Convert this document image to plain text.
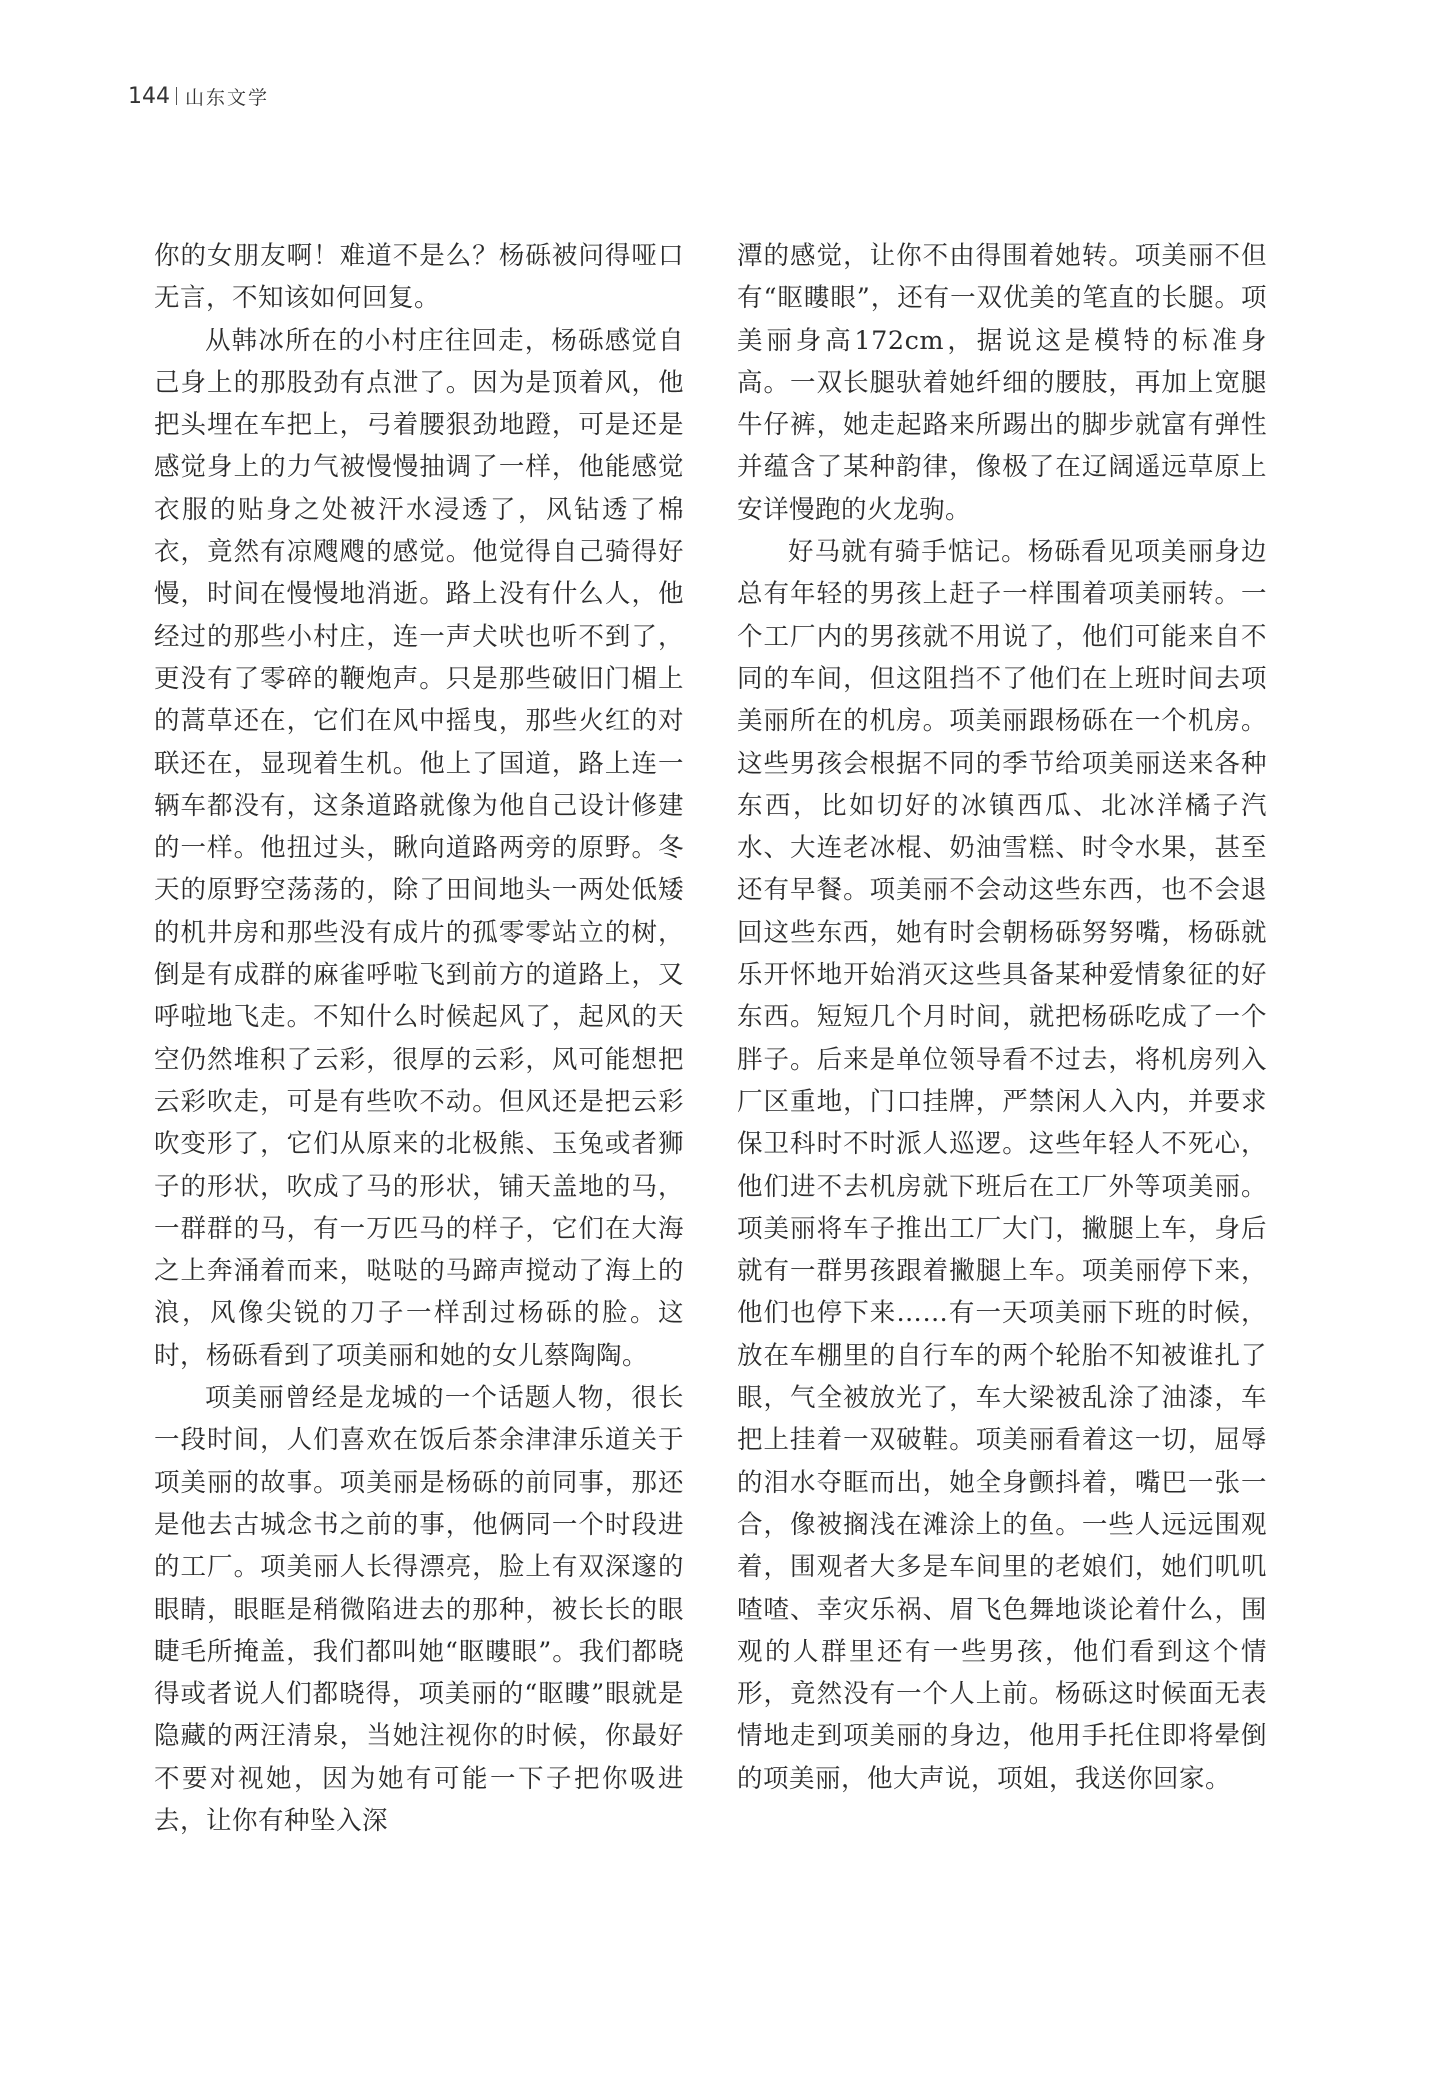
144 山东文学

你的女朋友啊！难道不是么？杨砾被问得哑口无言，不知该如何回复。

从韩冰所在的小村庄往回走，杨砾感觉自己身上的那股劲有点泄了。因为是顶着风，他把头埋在车把上，弓着腰狠劲地蹬，可是还是感觉身上的力气被慢慢抽调了一样，他能感觉衣服的贴身之处被汗水浸透了，风钻透了棉衣，竟然有凉飕飕的感觉。他觉得自己骑得好慢，时间在慢慢地消逝。路上没有什么人，他经过的那些小村庄，连一声犬吠也听不到了，更没有了零碎的鞭炮声。只是那些破旧门楣上的蒿草还在，它们在风中摇曳，那些火红的对联还在，显现着生机。他上了国道，路上连一辆车都没有，这条道路就像为他自己设计修建的一样。他扭过头，瞅向道路两旁的原野。冬天的原野空荡荡的，除了田间地头一两处低矮的机井房和那些没有成片的孤零零站立的树，倒是有成群的麻雀呼啦飞到前方的道路上，又呼啦地飞走。不知什么时候起风了，起风的天空仍然堆积了云彩，很厚的云彩，风可能想把云彩吹走，可是有些吹不动。但风还是把云彩吹变形了，它们从原来的北极熊、玉兔或者狮子的形状，吹成了马的形状，铺天盖地的马，一群群的马，有一万匹马的样子，它们在大海之上奔涌着而来，哒哒的马蹄声搅动了海上的浪，风像尖锐的刀子一样刮过杨砾的脸。这时，杨砾看到了项美丽和她的女儿蔡陶陶。

项美丽曾经是龙城的一个话题人物，很长一段时间，人们喜欢在饭后茶余津津乐道关于项美丽的故事。项美丽是杨砾的前同事，那还是他去古城念书之前的事，他俩同一个时段进的工厂。项美丽人长得漂亮，脸上有双深邃的眼睛，眼眶是稍微陷进去的那种，被长长的眼睫毛所掩盖，我们都叫她“眍瞜眼”。我们都晓得或者说人们都晓得，项美丽的“眍瞜”眼就是隐藏的两汪清泉，当她注视你的时候，你最好不要对视她，因为她有可能一下子把你吸进去，让你有种坠入深

潭的感觉，让你不由得围着她转。项美丽不但有“眍瞜眼”，还有一双优美的笔直的长腿。项美丽身高172cm，据说这是模特的标准身高。一双长腿驮着她纤细的腰肢，再加上宽腿牛仔裤，她走起路来所踢出的脚步就富有弹性并蕴含了某种韵律，像极了在辽阔遥远草原上安详慢跑的火龙驹。

好马就有骑手惦记。杨砾看见项美丽身边总有年轻的男孩上赶子一样围着项美丽转。一个工厂内的男孩就不用说了，他们可能来自不同的车间，但这阻挡不了他们在上班时间去项美丽所在的机房。项美丽跟杨砾在一个机房。这些男孩会根据不同的季节给项美丽送来各种东西，比如切好的冰镇西瓜、北冰洋橘子汽水、大连老冰棍、奶油雪糕、时令水果，甚至还有早餐。项美丽不会动这些东西，也不会退回这些东西，她有时会朝杨砾努努嘴，杨砾就乐开怀地开始消灭这些具备某种爱情象征的好东西。短短几个月时间，就把杨砾吃成了一个胖子。后来是单位领导看不过去，将机房列入厂区重地，门口挂牌，严禁闲人入内，并要求保卫科时不时派人巡逻。这些年轻人不死心，他们进不去机房就下班后在工厂外等项美丽。项美丽将车子推出工厂大门，撇腿上车，身后就有一群男孩跟着撇腿上车。项美丽停下来，他们也停下来……有一天项美丽下班的时候，放在车棚里的自行车的两个轮胎不知被谁扎了眼，气全被放光了，车大梁被乱涂了油漆，车把上挂着一双破鞋。项美丽看着这一切，屈辱的泪水夺眶而出，她全身颤抖着，嘴巴一张一合，像被搁浅在滩涂上的鱼。一些人远远围观着，围观者大多是车间里的老娘们，她们叽叽喳喳、幸灾乐祸、眉飞色舞地谈论着什么，围观的人群里还有一些男孩，他们看到这个情形，竟然没有一个人上前。杨砾这时候面无表情地走到项美丽的身边，他用手托住即将晕倒的项美丽，他大声说，项姐，我送你回家。
